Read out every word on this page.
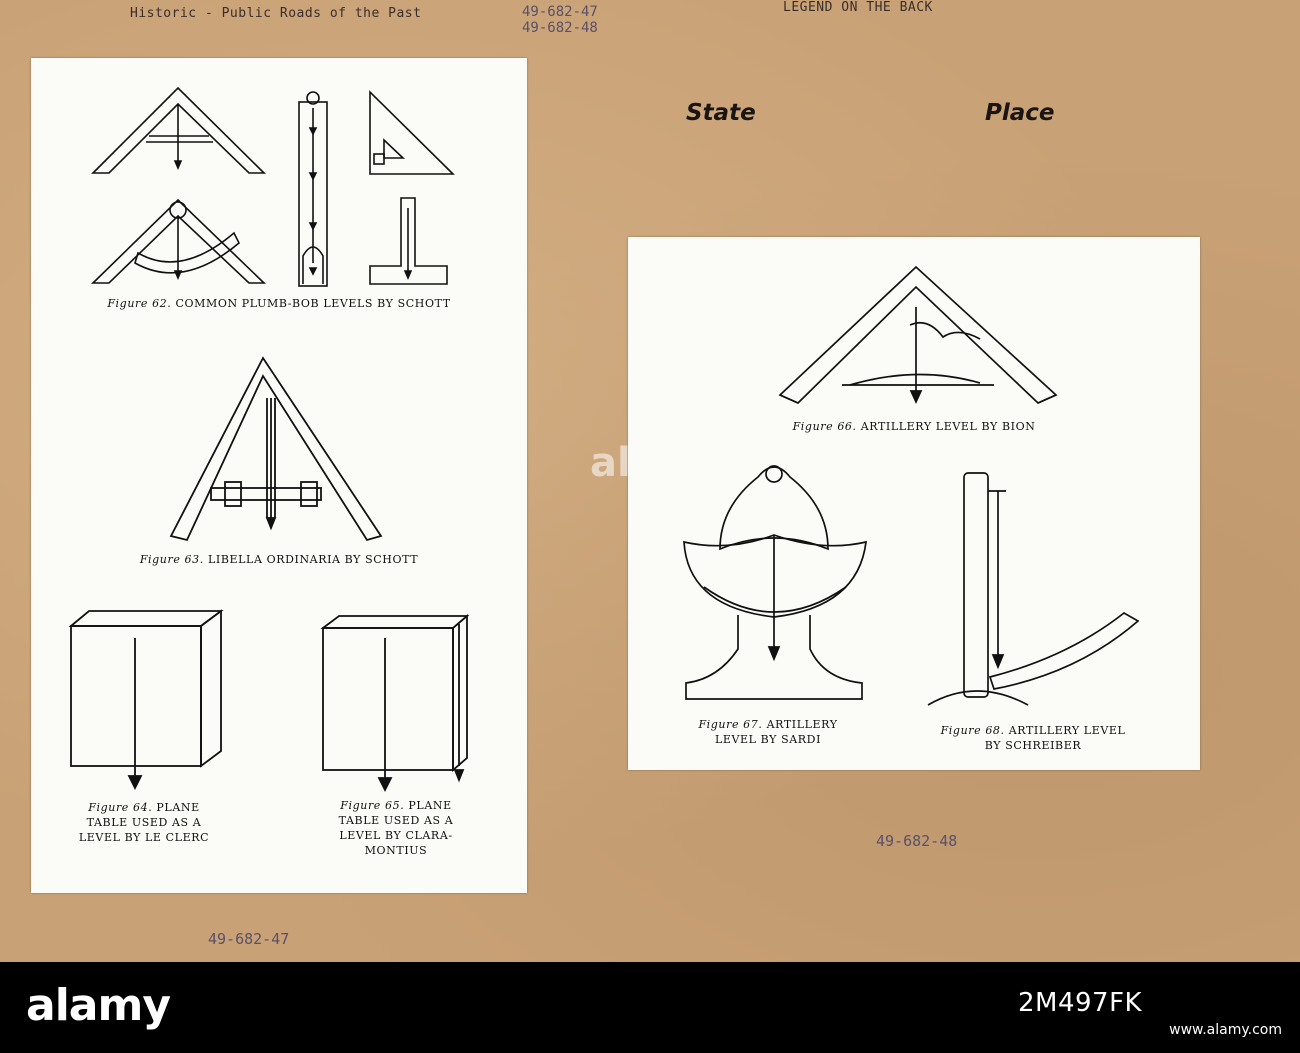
Historic - Public Roads of the Past	49-682-47
49-682-48
LEGEND ON THE BACK
State	Place
Figure 62. COMMON PLUMB-BOB LEVELS BY SCHOTT
Figure 63. LIBELLA ORDINARIA BY SCHOTT
Figure 64. PLANE
TABLE USED AS A
LEVEL BY LE CLERC
Figure 65. PLANE
TABLE USED AS A
LEVEL BY CLARA-
MONTIUS
Figure 66. ARTILLERY LEVEL BY BION
Figure 67. ARTILLERY
LEVEL BY SARDI
Figure 68. ARTILLERY LEVEL
BY SCHREIBER
49-682-47
49-682-48
al
alamy	2M497FK
www.alamy.com
